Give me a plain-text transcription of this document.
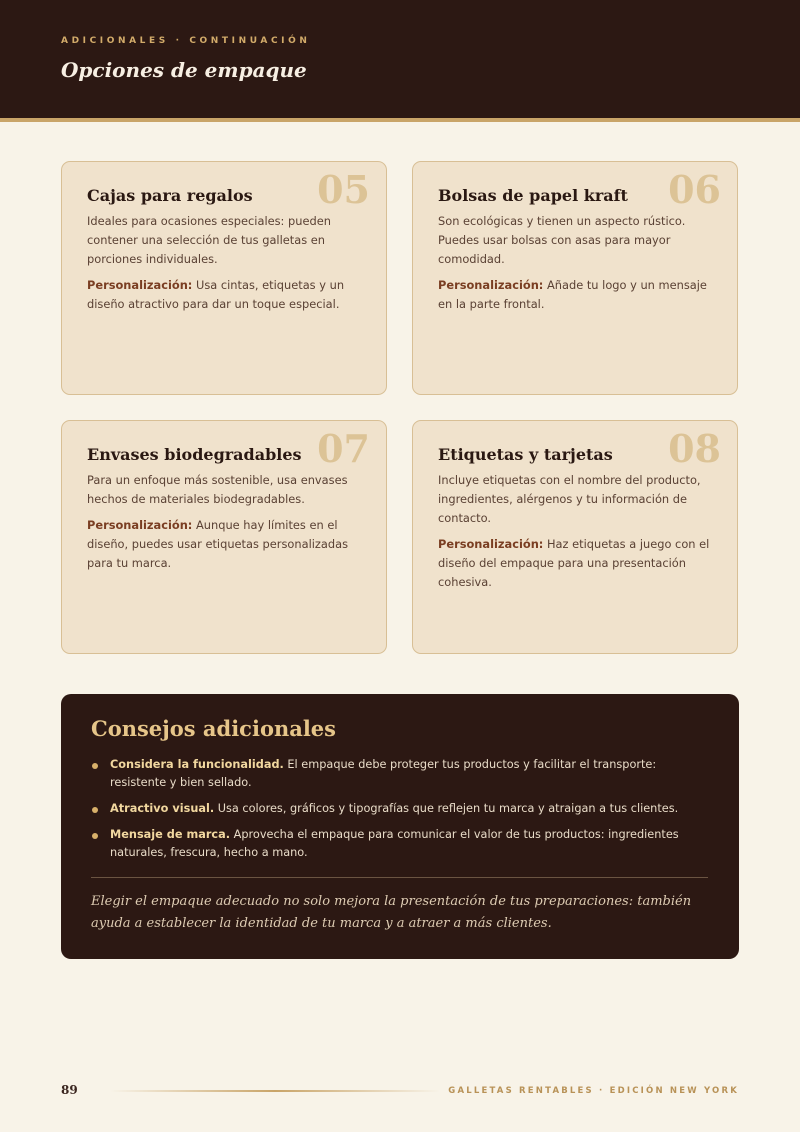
ADICIONALES · CONTINUACIÓN
Opciones de empaque
05
Cajas para regalos

Ideales para ocasiones especiales: pueden contener una selección de tus galletas en porciones individuales.

Personalización: Usa cintas, etiquetas y un diseño atractivo para dar un toque especial.

06
Bolsas de papel kraft

Son ecológicas y tienen un aspecto rústico. Puedes usar bolsas con asas para mayor comodidad.

Personalización: Añade tu logo y un mensaje en la parte frontal.

07
Envases biodegradables

Para un enfoque más sostenible, usa envases hechos de materiales biodegradables.

Personalización: Aunque hay límites en el diseño, puedes usar etiquetas personalizadas para tu marca.

08
Etiquetas y tarjetas

Incluye etiquetas con el nombre del producto, ingredientes, alérgenos y tu información de contacto.

Personalización: Haz etiquetas a juego con el diseño del empaque para una presentación cohesiva.

Consejos adicionales
Considera la funcionalidad. El empaque debe proteger tus productos y facilitar el transporte: resistente y bien sellado.
Atractivo visual. Usa colores, gráficos y tipografías que reflejen tu marca y atraigan a tus clientes.
Mensaje de marca. Aprovecha el empaque para comunicar el valor de tus productos: ingredientes naturales, frescura, hecho a mano.
Elegir el empaque adecuado no solo mejora la presentación de tus preparaciones: también ayuda a establecer la identidad de tu marca y a atraer a más clientes.
89	GALLETAS RENTABLES · EDICIÓN NEW YORK
